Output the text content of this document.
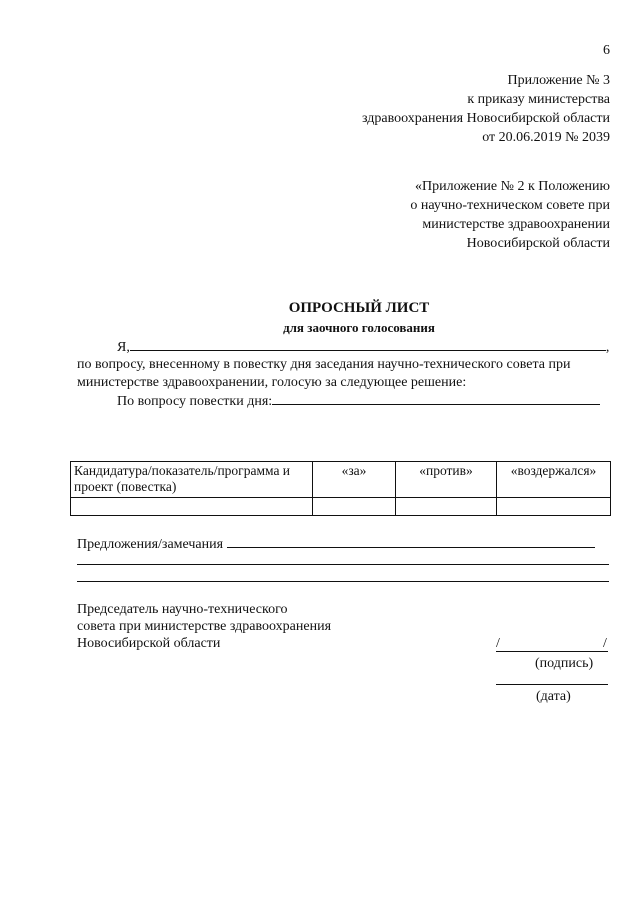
6
Приложение № 3
к приказу министерства
здравоохранения Новосибирской области
от 20.06.2019 № 2039
«Приложение № 2 к Положению
о научно-техническом совете при
министерстве здравоохранении
Новосибирской области
ОПРОСНЫЙ ЛИСТ
для заочного голосования
Я,	,
по вопросу, внесенному в повестку дня заседания научно-технического совета при
министерстве здравоохранении, голосую за следующее решение:
По вопросу повестки дня:
Кандидатура/показатель/программа и проект (повестка)	«за»	«против»	«воздержался»

Предложения/замечания
Председатель научно-технического
совета при министерстве здравоохранения
Новосибирской области	/	/
(подпись)
(дата)
